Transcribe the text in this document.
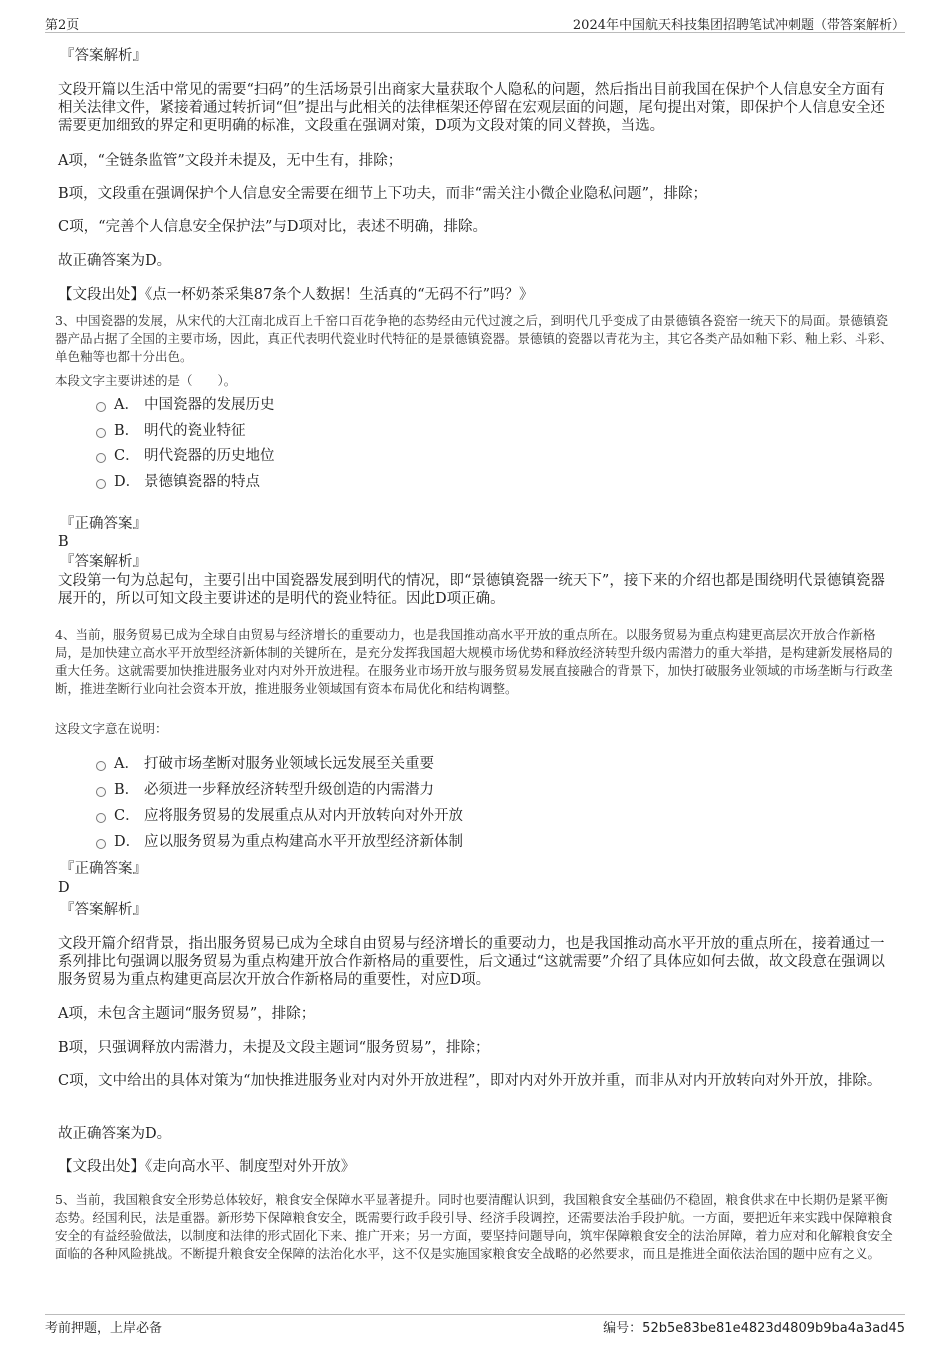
第2页	2024年中国航天科技集团招聘笔试冲刺题（带答案解析）

『答案解析』

文段开篇以生活中常见的需要“扫码”的生活场景引出商家大量获取个人隐私的问题，然后指出目前我国在保护个人信息安全方面有相关法律文件，紧接着通过转折词“但”提出与此相关的法律框架还停留在宏观层面的问题，尾句提出对策，即保护个人信息安全还需要更加细致的界定和更明确的标准，文段重在强调对策，D项为文段对策的同义替换，当选。

A项，“全链条监管”文段并未提及，无中生有，排除；

B项，文段重在强调保护个人信息安全需要在细节上下功夫，而非“需关注小微企业隐私问题”，排除；

C项，“完善个人信息安全保护法”与D项对比，表述不明确，排除。

故正确答案为D。

【文段出处】《点一杯奶茶采集87条个人数据！生活真的“无码不行”吗？》

3、中国瓷器的发展，从宋代的大江南北成百上千窑口百花争艳的态势经由元代过渡之后，到明代几乎变成了由景德镇各瓷窑一统天下的局面。景德镇瓷器产品占据了全国的主要市场，因此，真正代表明代瓷业时代特征的是景德镇瓷器。景德镇的瓷器以青花为主，其它各类产品如釉下彩、釉上彩、斗彩、单色釉等也都十分出色。

本段文字主要讲述的是（　　）。

A． 中国瓷器的发展历史
B． 明代的瓷业特征
C． 明代瓷器的历史地位
D． 景德镇瓷器的特点

『正确答案』

B

『答案解析』

文段第一句为总起句，主要引出中国瓷器发展到明代的情况，即“景德镇瓷器一统天下”，接下来的介绍也都是围绕明代景德镇瓷器展开的，所以可知文段主要讲述的是明代的瓷业特征。因此D项正确。

4、当前，服务贸易已成为全球自由贸易与经济增长的重要动力，也是我国推动高水平开放的重点所在。以服务贸易为重点构建更高层次开放合作新格局，是加快建立高水平开放型经济新体制的关键所在，是充分发挥我国超大规模市场优势和释放经济转型升级内需潜力的重大举措，是构建新发展格局的重大任务。这就需要加快推进服务业对内对外开放进程。在服务业市场开放与服务贸易发展直接融合的背景下，加快打破服务业领域的市场垄断与行政垄断，推进垄断行业向社会资本开放，推进服务业领域国有资本布局优化和结构调整。

这段文字意在说明：

A． 打破市场垄断对服务业领域长远发展至关重要
B． 必须进一步释放经济转型升级创造的内需潜力
C． 应将服务贸易的发展重点从对内开放转向对外开放
D． 应以服务贸易为重点构建高水平开放型经济新体制

『正确答案』

D

『答案解析』

文段开篇介绍背景，指出服务贸易已成为全球自由贸易与经济增长的重要动力，也是我国推动高水平开放的重点所在，接着通过一系列排比句强调以服务贸易为重点构建开放合作新格局的重要性，后文通过“这就需要”介绍了具体应如何去做，故文段意在强调以服务贸易为重点构建更高层次开放合作新格局的重要性，对应D项。

A项，未包含主题词“服务贸易”，排除；

B项，只强调释放内需潜力，未提及文段主题词“服务贸易”，排除；

C项，文中给出的具体对策为“加快推进服务业对内对外开放进程”，即对内对外开放并重，而非从对内开放转向对外开放，排除。

故正确答案为D。

【文段出处】《走向高水平、制度型对外开放》

5、当前，我国粮食安全形势总体较好，粮食安全保障水平显著提升。同时也要清醒认识到，我国粮食安全基础仍不稳固，粮食供求在中长期仍是紧平衡态势。经国利民，法是重器。新形势下保障粮食安全，既需要行政手段引导、经济手段调控，还需要法治手段护航。一方面，要把近年来实践中保障粮食安全的有益经验做法，以制度和法律的形式固化下来、推广开来；另一方面，要坚持问题导向，筑牢保障粮食安全的法治屏障，着力应对和化解粮食安全面临的各种风险挑战。不断提升粮食安全保障的法治化水平，这不仅是实施国家粮食安全战略的必然要求，而且是推进全面依法治国的题中应有之义。

考前押题，上岸必备	编号：52b5e83be81e4823d4809b9ba4a3ad45
